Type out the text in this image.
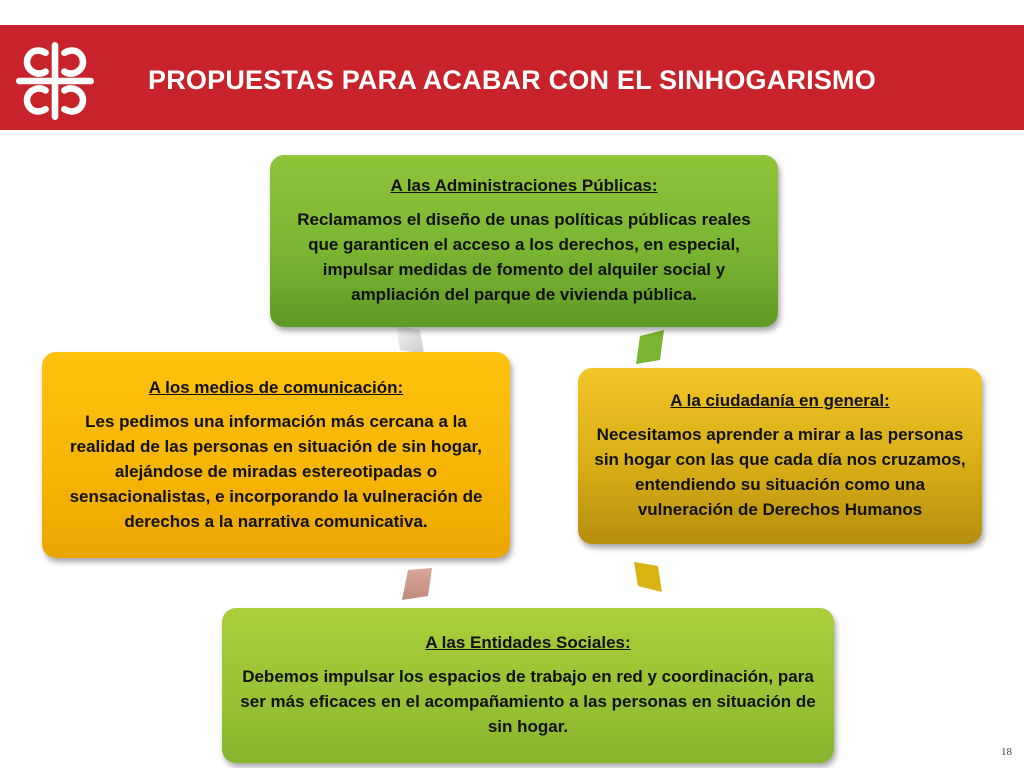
PROPUESTAS PARA ACABAR CON EL SINHOGARISMO
A las Administraciones Públicas:
Reclamamos el diseño de unas políticas públicas reales que garanticen el acceso a los derechos, en especial, impulsar medidas de fomento del alquiler social y ampliación del parque de vivienda pública.
A los medios de comunicación:
Les pedimos una información más cercana a la realidad de las personas en situación de sin hogar, alejándose de miradas estereotipadas o sensacionalistas, e incorporando la vulneración de derechos a la narrativa comunicativa.
A la ciudadanía en general:
Necesitamos aprender a mirar a las personas sin hogar con las que cada día nos cruzamos, entendiendo su situación como una vulneración de Derechos Humanos
A las Entidades Sociales:
Debemos impulsar los espacios de trabajo en red y coordinación, para ser más eficaces en el acompañamiento a las personas en situación de sin hogar.
18
